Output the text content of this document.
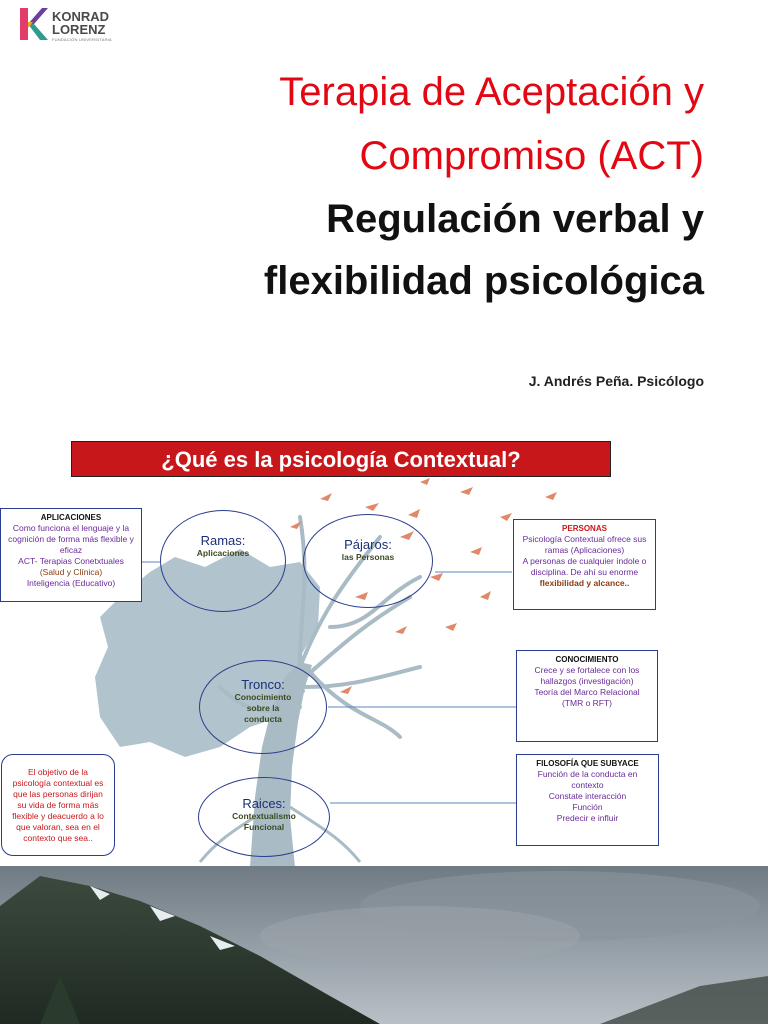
KONRAD
LORENZ
FUNDACIÓN UNIVERSITARIA
Terapia de Aceptación y
Compromiso (ACT)
Regulación verbal y
flexibilidad psicológica
J. Andrés Peña. Psicólogo
¿Qué es la psicología Contextual?
Ramas:
Aplicaciones
Pájaros:
las Personas
Tronco:
Conocimiento
sobre la
conducta
Raices:
Contextualismo
Funcional
APLICACIONES
Como funciona el lenguaje y la
cognición de forma más flexible y
eficaz
ACT- Terapias Conetxtuales
(Salud y Clínica)
Inteligencia (Educativo)
PERSONAS
Psicología Contextual ofrece sus
ramas (Aplicaciones)
A personas de cualquier índole o
disciplina. De ahí su enorme
flexibilidad y alcance..
CONOCIMIENTO
Crece y se fortalece con los
hallazgos (investigación)
Teoría del Marco Relacional
(TMR o RFT)
FILOSOFÍA QUE SUBYACE
Función de la conducta en
contexto
Constate interacción
Función
Predecir e influir
El objetivo de la
psicología contextual es
que las personas dirijan
su vida de forma más
flexible y deacuerdo a lo
que valoran, sea en el
contexto que sea..
